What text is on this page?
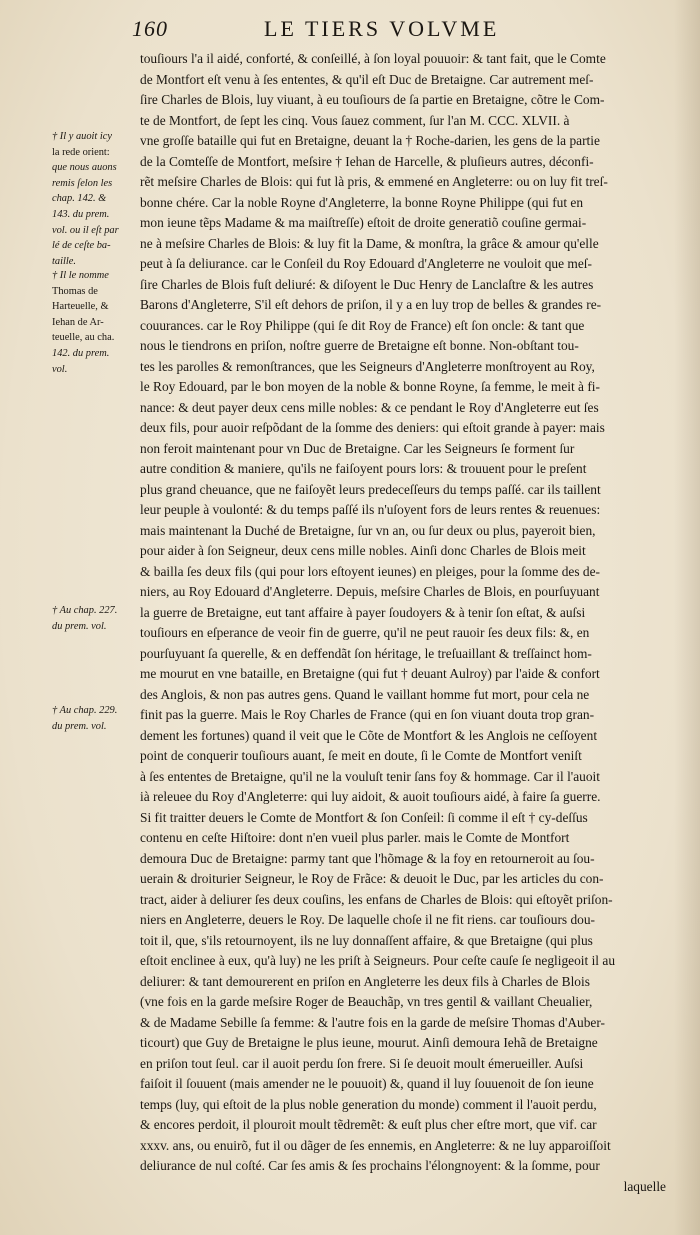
160	LE TIERS VOLVME
† Il y auoit icy
la rede orient:
que nous auons
remis ſelon les
chap. 142. &
143. du prem.
vol. ou il eſt par
lé de ceſte ba-
taille.
† Il le nomme
Thomas de
Harteuelle, &
Iehan de Ar-
teuelle, au cha.
142. du prem.
vol.
† Au chap. 227.
du prem. vol.
† Au chap. 229.
du prem. vol.
touſiours l'a il aidé, conforté, & conſeillé, à ſon loyal pouuoir: & tant fait, que le Comte
de Montfort eſt venu à ſes ententes, & qu'il eſt Duc de Bretaigne. Car autrement meſ-
ſire Charles de Blois, luy viuant, à eu touſiours de ſa partie en Bretaigne, cõtre le Com-
te de Montfort, de ſept les cinq. Vous ſauez comment, ſur l'an M. CCC. XLVII. à
vne groſſe bataille qui fut en Bretaigne, deuant la † Roche-darien, les gens de la partie
de la Comteſſe de Montfort, meſsire † Iehan de Harcelle, & pluſieurs autres, déconfi-
rẽt meſsire Charles de Blois: qui fut là pris, & emmené en Angleterre: ou on luy fit treſ-
bonne chére. Car la noble Royne d'Angleterre, la bonne Royne Philippe (qui fut en
mon ieune tẽps Madame & ma maiſtreſſe) eſtoit de droite generatiõ couſine germai-
ne à meſsire Charles de Blois: & luy fit la Dame, & monſtra, la grâce & amour qu'elle
peut à ſa deliurance. car le Conſeil du Roy Edouard d'Angleterre ne vouloit que meſ-
ſire Charles de Blois fuſt deliuré: & diſoyent le Duc Henry de Lanclaſtre & les autres
Barons d'Angleterre, S'il eſt dehors de priſon, il y a en luy trop de belles & grandes re-
couurances. car le Roy Philippe (qui ſe dit Roy de France) eſt ſon oncle: & tant que
nous le tiendrons en priſon, noſtre guerre de Bretaigne eſt bonne. Non-obſtant tou-
tes les parolles & remonſtrances, que les Seigneurs d'Angleterre monſtroyent au Roy,
le Roy Edouard, par le bon moyen de la noble & bonne Royne, ſa femme, le meit à fi-
nance: & deut payer deux cens mille nobles: & ce pendant le Roy d'Angleterre eut ſes
deux fils, pour auoir reſpõdant de la ſomme des deniers: qui eſtoit grande à payer: mais
non feroit maintenant pour vn Duc de Bretaigne. Car les Seigneurs ſe forment ſur
autre condition & maniere, qu'ils ne faiſoyent pours lors: & trouuent pour le preſent
plus grand cheuance, que ne faiſoyẽt leurs predeceſſeurs du temps paſſé. car ils taillent
leur peuple à voulonté: & du temps paſſé ils n'uſoyent fors de leurs rentes & reuenues:
mais maintenant la Duché de Bretaigne, ſur vn an, ou ſur deux ou plus, payeroit bien,
pour aider à ſon Seigneur, deux cens mille nobles. Ainſi donc Charles de Blois meit
& bailla ſes deux fils (qui pour lors eſtoyent ieunes) en pleiges, pour la ſomme des de-
niers, au Roy Edouard d'Angleterre. Depuis, meſsire Charles de Blois, en pourſuyuant
la guerre de Bretaigne, eut tant affaire à payer ſoudoyers & à tenir ſon eſtat, & auſsi
touſiours en eſperance de veoir fin de guerre, qu'il ne peut rauoir ſes deux fils: &, en
pourſuyuant ſa querelle, & en deffendãt ſon héritage, le treſuaillant & treſſainct hom-
me mourut en vne bataille, en Bretaigne (qui fut † deuant Aulroy) par l'aide & confort
des Anglois, & non pas autres gens. Quand le vaillant homme fut mort, pour cela ne
finit pas la guerre. Mais le Roy Charles de France (qui en ſon viuant douta trop gran-
dement les fortunes) quand il veit que le Cõte de Montfort & les Anglois ne ceſſoyent
point de conquerir touſiours auant, ſe meit en doute, ſi le Comte de Montfort veniſt
à ſes ententes de Bretaigne, qu'il ne la vouluſt tenir ſans foy & hommage. Car il l'auoit
ià releuee du Roy d'Angleterre: qui luy aidoit, & auoit touſiours aidé, à faire ſa guerre.
Si fit traitter deuers le Comte de Montfort & ſon Conſeil: ſi comme il eſt † cy-deſſus
contenu en ceſte Hiſtoire: dont n'en vueil plus parler. mais le Comte de Montfort
demoura Duc de Bretaigne: parmy tant que l'hõmage & la foy en retourneroit au ſou-
uerain & droiturier Seigneur, le Roy de Frãce: & deuoit le Duc, par les articles du con-
tract, aider à deliurer ſes deux couſins, les enfans de Charles de Blois: qui eſtoyẽt priſon-
niers en Angleterre, deuers le Roy. De laquelle choſe il ne fit riens. car touſiours dou-
toit il, que, s'ils retournoyent, ils ne luy donnaſſent affaire, & que Bretaigne (qui plus
eſtoit enclinee à eux, qu'à luy) ne les priſt à Seigneurs. Pour ceſte cauſe ſe negligeoit il au
deliurer: & tant demourerent en priſon en Angleterre les deux fils à Charles de Blois
(vne fois en la garde meſsire Roger de Beauchãp, vn tres gentil & vaillant Cheualier,
& de Madame Sebille ſa femme: & l'autre fois en la garde de meſsire Thomas d'Auber-
ticourt) que Guy de Bretaigne le plus ieune, mourut. Ainſi demoura Iehã de Bretaigne
en priſon tout ſeul. car il auoit perdu ſon frere. Si ſe deuoit moult émerueiller. Auſsi
faiſoit il ſouuent (mais amender ne le pouuoit) &, quand il luy ſouuenoit de ſon ieune
temps (luy, qui eſtoit de la plus noble generation du monde) comment il l'auoit perdu,
& encores perdoit, il plouroit moult tẽdremẽt: & euſt plus cher eſtre mort, que vif. car
xxxv. ans, ou enuirõ, fut il ou dãger de ſes ennemis, en Angleterre: & ne luy apparoiſſoit
deliurance de nul coſté. Car ſes amis & ſes prochains l'élongnoyent: & la ſomme, pour
laquelle
